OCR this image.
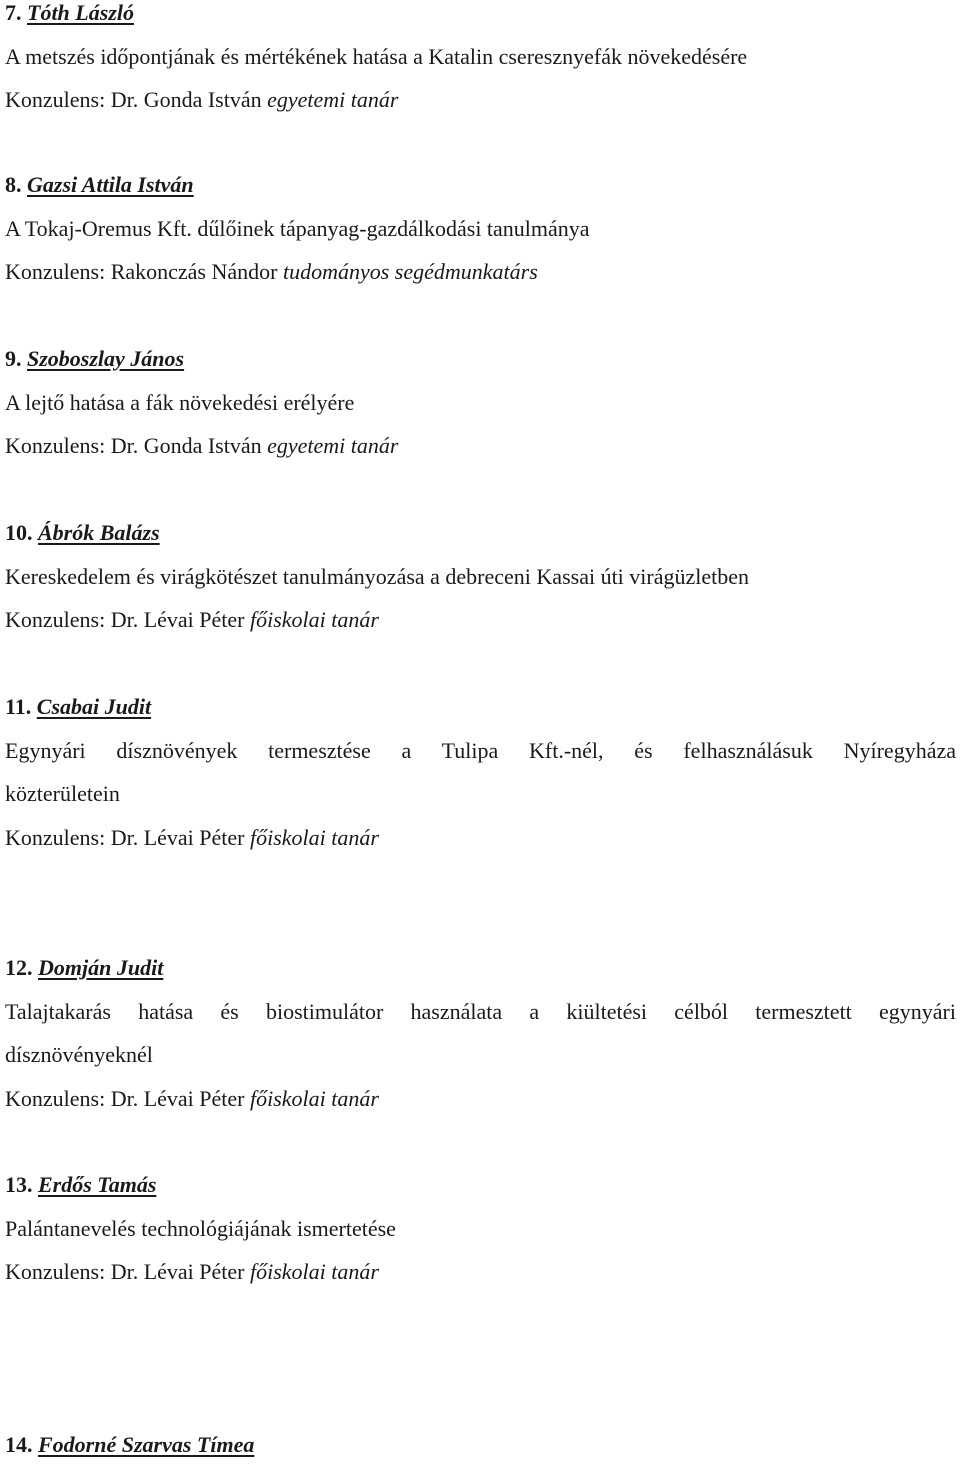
7. Tóth László
A metszés időpontjának és mértékének hatása a Katalin cseresznyefák növekedésére
Konzulens: Dr. Gonda István egyetemi tanár
8. Gazsi Attila István
A Tokaj-Oremus Kft. dűlőinek tápanyag-gazdálkodási tanulmánya
Konzulens: Rakonczás Nándor tudományos segédmunkatárs
9. Szoboszlay János
A lejtő hatása a fák növekedési erélyére
Konzulens: Dr. Gonda István egyetemi tanár
10. Ábrók Balázs
Kereskedelem és virágkötészet tanulmányozása a debreceni Kassai úti virágüzletben
Konzulens: Dr. Lévai Péter főiskolai tanár
11. Csabai Judit
Egynyári dísznövények termesztése a Tulipa Kft.-nél, és felhasználásuk Nyíregyháza
közterületein
Konzulens: Dr. Lévai Péter főiskolai tanár
12. Domján Judit
Talajtakarás hatása és biostimulátor használata a kiültetési célból termesztett egynyári
dísznövényeknél
Konzulens: Dr. Lévai Péter főiskolai tanár
13. Erdős Tamás
Palántanevelés technológiájának ismertetése
Konzulens: Dr. Lévai Péter főiskolai tanár
14. Fodorné Szarvas Tímea
